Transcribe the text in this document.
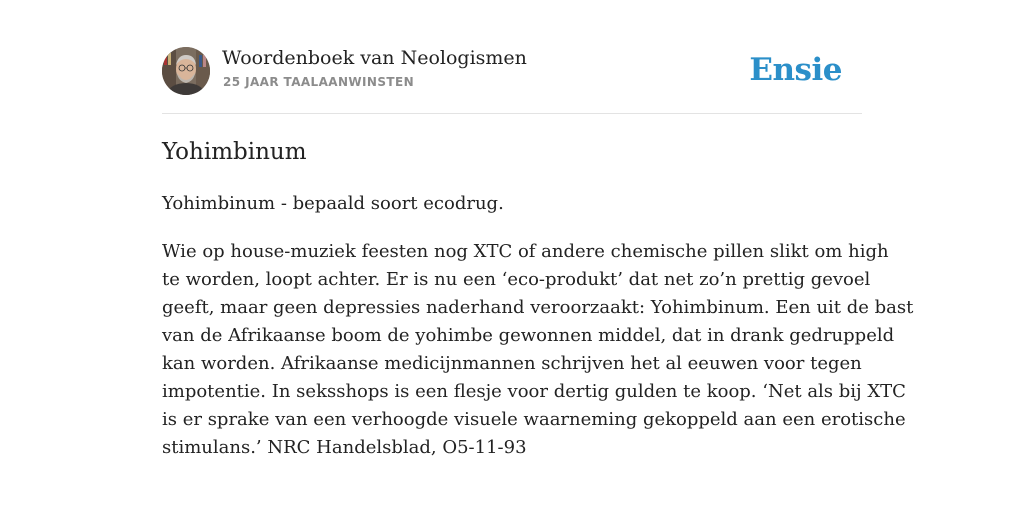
Woordenboek van Neologismen
25 JAAR TAALAANWINSTEN	Ensie
Yohimbinum

Yohimbinum - bepaald soort ecodrug.

Wie op house-muziek feesten nog XTC of andere chemische pillen slikt om high
te worden, loopt achter. Er is nu een ‘eco-produkt’ dat net zo’n prettig gevoel
geeft, maar geen depressies naderhand veroorzaakt: Yohimbinum. Een uit de bast
van de Afrikaanse boom de yohimbe gewonnen middel, dat in drank gedruppeld
kan worden. Afrikaanse medicijnmannen schrijven het al eeuwen voor tegen
impotentie. In seksshops is een flesje voor dertig gulden te koop. ‘Net als bij XTC
is er sprake van een verhoogde visuele waarneming gekoppeld aan een erotische
stimulans.’ NRC Handelsblad, O5-11-93
